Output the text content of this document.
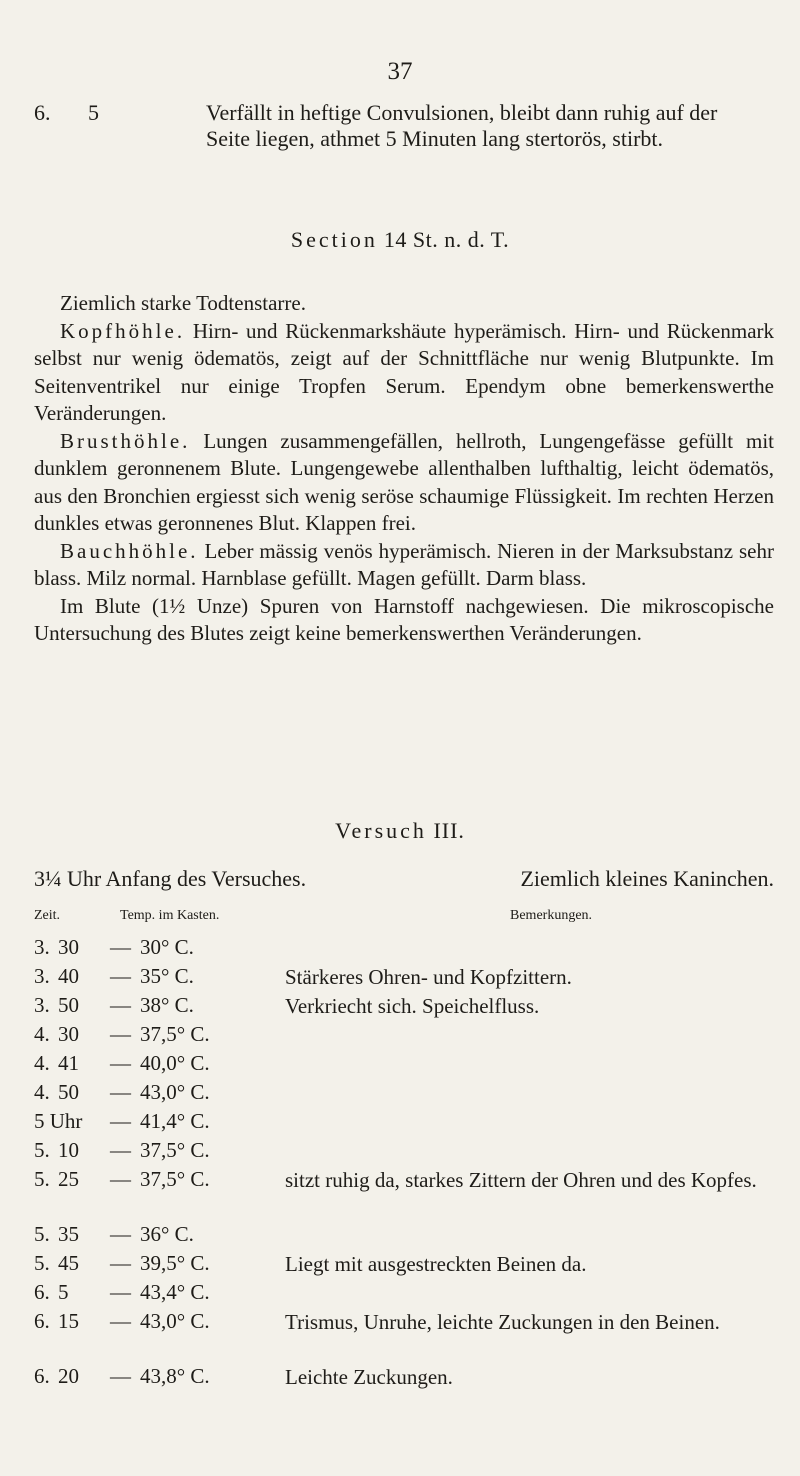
37
6. 5	Verfällt in heftige Convulsionen, bleibt dann ruhig auf der Seite liegen, athmet 5 Minuten lang stertorös, stirbt.
Section 14 St. n. d. T.

Ziemlich starke Todtenstarre.

Kopfhöhle. Hirn- und Rückenmarkshäute hyperämisch. Hirn- und Rückenmark selbst nur wenig ödematös, zeigt auf der Schnittfläche nur wenig Blutpunkte. Im Seitenventrikel nur einige Tropfen Serum. Ependym obne bemerkenswerthe Veränderungen.

Brusthöhle. Lungen zusammengefällen, hellroth, Lungengefässe gefüllt mit dunklem geronnenem Blute. Lungengewebe allenthalben lufthaltig, leicht ödematös, aus den Bronchien ergiesst sich wenig seröse schaumige Flüssigkeit. Im rechten Herzen dunkles etwas geronnenes Blut. Klappen frei.

Bauchhöhle. Leber mässig venös hyperämisch. Nieren in der Marksubstanz sehr blass. Milz normal. Harnblase gefüllt. Magen gefüllt. Darm blass.

Im Blute (1½ Unze) Spuren von Harnstoff nachgewiesen. Die mikroscopische Untersuchung des Blutes zeigt keine bemerkenswerthen Veränderungen.

Versuch III.
3¼ Uhr Anfang des Versuches.	Ziemlich kleines Kaninchen.
Zeit.	Temp. im Kasten.	Bemerkungen.
3. 30	— 30° C.
3. 40	— 35° C.	Stärkeres Ohren- und Kopfzittern.
3. 50	— 38° C.	Verkriecht sich. Speichelfluss.
4. 30	— 37,5° C.
4. 41	— 40,0° C.
4. 50	— 43,0° C.
5 Uhr	— 41,4° C.
5. 10	— 37,5° C.
5. 25	— 37,5° C.	sitzt ruhig da, starkes Zittern der Ohren und des Kopfes.
5. 35	— 36° C.
5. 45	— 39,5° C.	Liegt mit ausgestreckten Beinen da.
6. 5	— 43,4° C.
6. 15	— 43,0° C.	Trismus, Unruhe, leichte Zuckungen in den Beinen.
6. 20	— 43,8° C.	Leichte Zuckungen.
